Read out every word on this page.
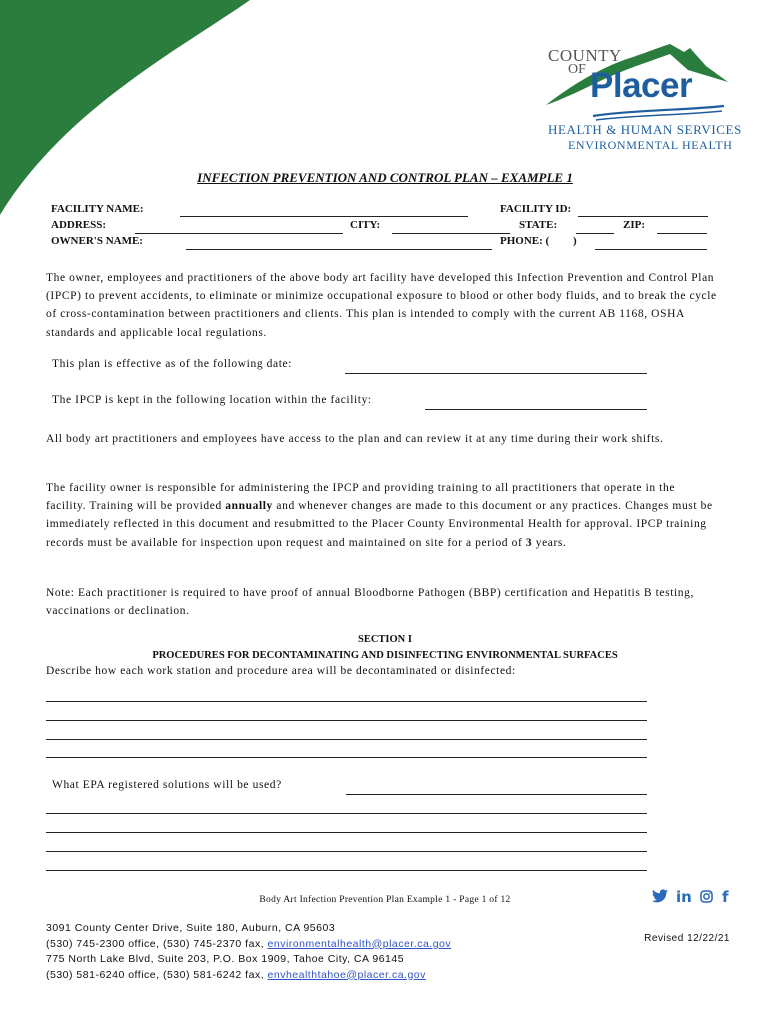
COUNTY
OF Placer
HEALTH & HUMAN SERVICES
ENVIRONMENTAL HEALTH
INFECTION PREVENTION AND CONTROL PLAN – EXAMPLE 1
FACILITY NAME:	FACILITY ID:
ADDRESS:	CITY:	STATE:	ZIP:
OWNER'S NAME:	PHONE: ( )
The owner, employees and practitioners of the above body art facility have developed this Infection Prevention and Control Plan (IPCP) to prevent accidents, to eliminate or minimize occupational exposure to blood or other body fluids, and to break the cycle of cross-contamination between practitioners and clients. This plan is intended to comply with the current AB 1168, OSHA standards and applicable local regulations.
This plan is effective as of the following date:
The IPCP is kept in the following location within the facility:
All body art practitioners and employees have access to the plan and can review it at any time during their work shifts.
The facility owner is responsible for administering the IPCP and providing training to all practitioners that operate in the facility. Training will be provided annually and whenever changes are made to this document or any practices. Changes must be immediately reflected in this document and resubmitted to the Placer County Environmental Health for approval. IPCP training records must be available for inspection upon request and maintained on site for a period of 3 years.
Note: Each practitioner is required to have proof of annual Bloodborne Pathogen (BBP) certification and Hepatitis B testing, vaccinations or declination.
SECTION I
PROCEDURES FOR DECONTAMINATING AND DISINFECTING ENVIRONMENTAL SURFACES
Describe how each work station and procedure area will be decontaminated or disinfected:
What EPA registered solutions will be used?
Body Art Infection Prevention Plan Example 1 - Page 1 of 12	in f
3091 County Center Drive, Suite 180, Auburn, CA 95603
(530) 745-2300 office, (530) 745-2370 fax, environmentalhealth@placer.ca.gov
775 North Lake Blvd, Suite 203, P.O. Box 1909, Tahoe City, CA 96145
(530) 581-6240 office, (530) 581-6242 fax, envhealthtahoe@placer.ca.gov
Revised 12/22/21
